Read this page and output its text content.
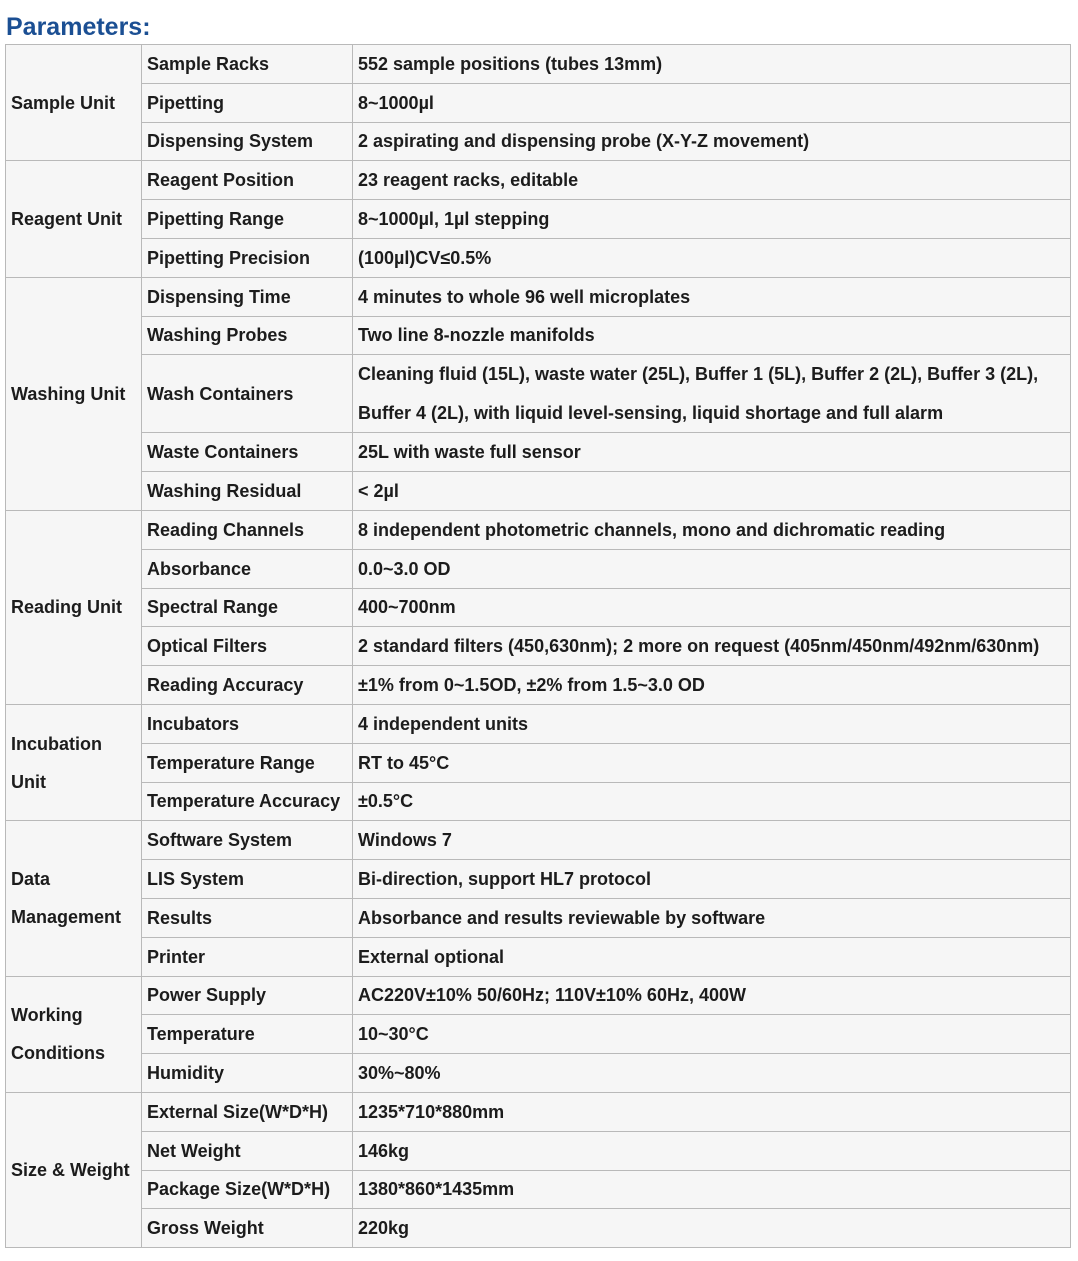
Parameters:
Sample Unit	Sample Racks	552 sample positions (tubes 13mm)
	Pipetting	8~1000µl
	Dispensing System	2 aspirating and dispensing probe (X-Y-Z movement)
Reagent Unit	Reagent Position	23 reagent racks, editable
	Pipetting Range	8~1000µl, 1µl stepping
	Pipetting Precision	(100µl)CV≤0.5%
Washing Unit	Dispensing Time	4 minutes to whole 96 well microplates
	Washing Probes	Two line 8-nozzle manifolds
	Wash Containers	Cleaning fluid (15L), waste water (25L), Buffer 1 (5L), Buffer 2 (2L), Buffer 3 (2L), Buffer 4 (2L), with liquid level-sensing, liquid shortage and full alarm
	Waste Containers	25L with waste full sensor
	Washing Residual	< 2µl
Reading Unit	Reading Channels	8 independent photometric channels, mono and dichromatic reading
	Absorbance	0.0~3.0 OD
	Spectral Range	400~700nm
	Optical Filters	2 standard filters (450,630nm); 2 more on request (405nm/450nm/492nm/630nm)
	Reading Accuracy	±1% from 0~1.5OD, ±2% from 1.5~3.0 OD
Incubation Unit	Incubators	4 independent units
	Temperature Range	RT to 45°C
	Temperature Accuracy	±0.5°C
Data Management	Software System	Windows 7
	LIS System	Bi-direction, support HL7 protocol
	Results	Absorbance and results reviewable by software
	Printer	External optional
Working Conditions	Power Supply	AC220V±10% 50/60Hz; 110V±10% 60Hz, 400W
	Temperature	10~30°C
	Humidity	30%~80%
Size & Weight	External Size(W*D*H)	1235*710*880mm
	Net Weight	146kg
	Package Size(W*D*H)	1380*860*1435mm
	Gross Weight	220kg
